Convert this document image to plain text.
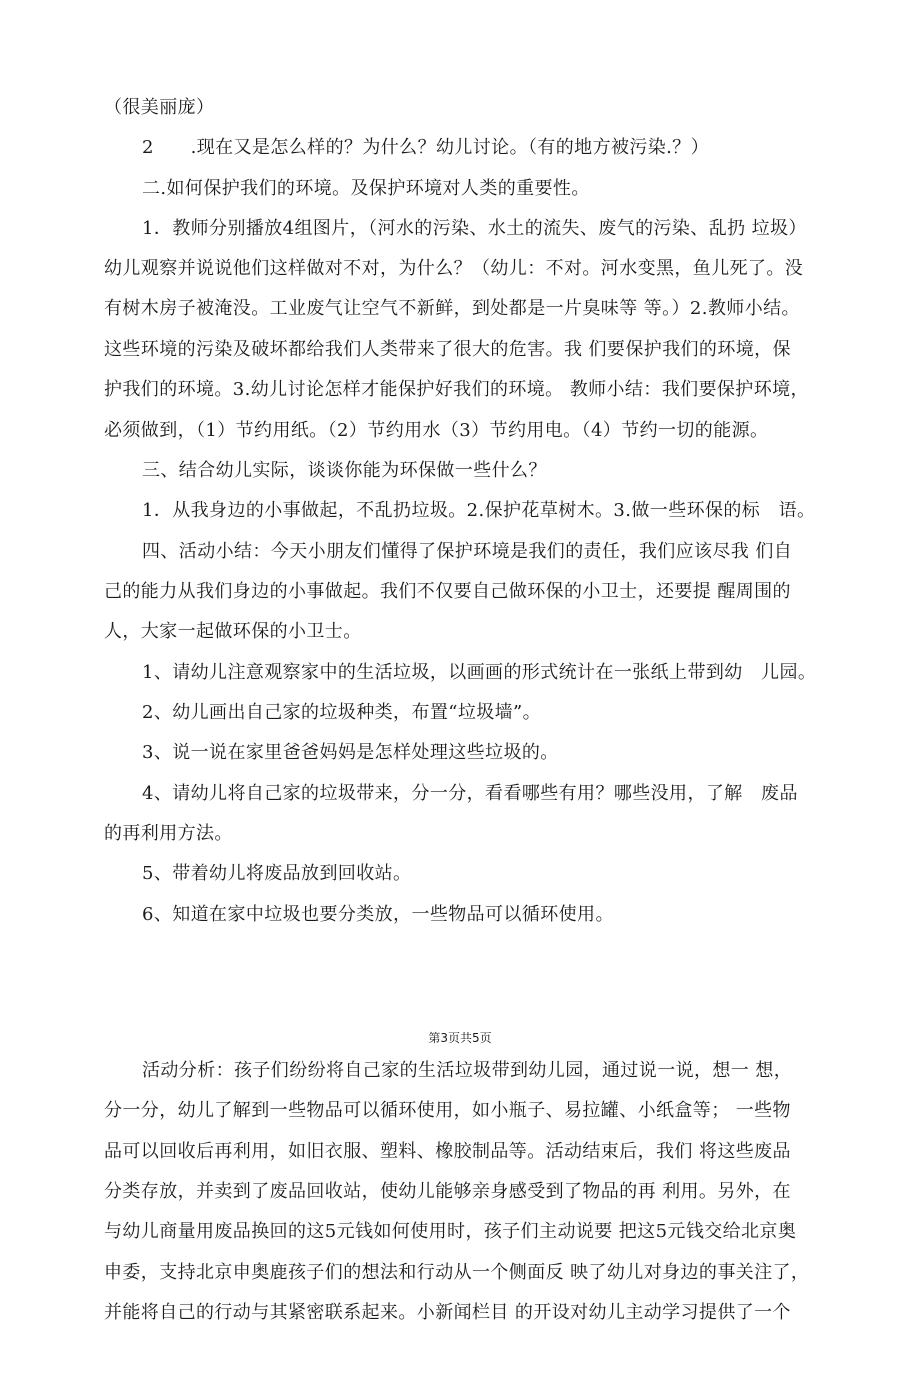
（很美丽庞）
2　　.现在又是怎么样的？为什么？幼儿讨论。（有的地方被污染.？）
二.如何保护我们的环境。及保护环境对人类的重要性。
1．教师分别播放4组图片，（河水的污染、水土的流失、废气的污染、乱扔 垃圾）
幼儿观察并说说他们这样做对不对，为什么？（幼儿：不对。河水变黑，鱼儿死了。没
有树木房子被淹没。工业废气让空气不新鲜，到处都是一片臭味等 等。）2.教师小结。
这些环境的污染及破坏都给我们人类带来了很大的危害。我 们要保护我们的环境，保
护我们的环境。3.幼儿讨论怎样才能保护好我们的环境。 教师小结：我们要保护环境，
必须做到，（1）节约用纸。（2）节约用水（3）节约用电。（4）节约一切的能源。
三、结合幼儿实际，谈谈你能为环保做一些什么？
1．从我身边的小事做起，不乱扔垃圾。2.保护花草树木。3.做一些环保的标　语。
四、活动小结：今天小朋友们懂得了保护环境是我们的责任，我们应该尽我 们自
己的能力从我们身边的小事做起。我们不仅要自己做环保的小卫士，还要提 醒周围的
人，大家一起做环保的小卫士。
1、请幼儿注意观察家中的生活垃圾，以画画的形式统计在一张纸上带到幼　儿园。
2、幼儿画出自己家的垃圾种类，布置“垃圾墙”。
3、说一说在家里爸爸妈妈是怎样处理这些垃圾的。
4、请幼儿将自己家的垃圾带来，分一分，看看哪些有用？哪些没用，了解　废品
的再利用方法。
5、带着幼儿将废品放到回收站。
6、知道在家中垃圾也要分类放，一些物品可以循环使用。
第3页共5页
活动分析：孩子们纷纷将自己家的生活垃圾带到幼儿园，通过说一说，想一 想，
分一分，幼儿了解到一些物品可以循环使用，如小瓶子、易拉罐、小纸盒等； 一些物
品可以回收后再利用，如旧衣服、塑料、橡胶制品等。活动结束后，我们 将这些废品
分类存放，并卖到了废品回收站，使幼儿能够亲身感受到了物品的再 利用。另外，在
与幼儿商量用废品换回的这5元钱如何使用时，孩子们主动说要 把这5元钱交给北京奥
申委，支持北京申奥鹿孩子们的想法和行动从一个侧面反 映了幼儿对身边的事关注了，
并能将自己的行动与其紧密联系起来。小新闻栏目 的开设对幼儿主动学习提供了一个
